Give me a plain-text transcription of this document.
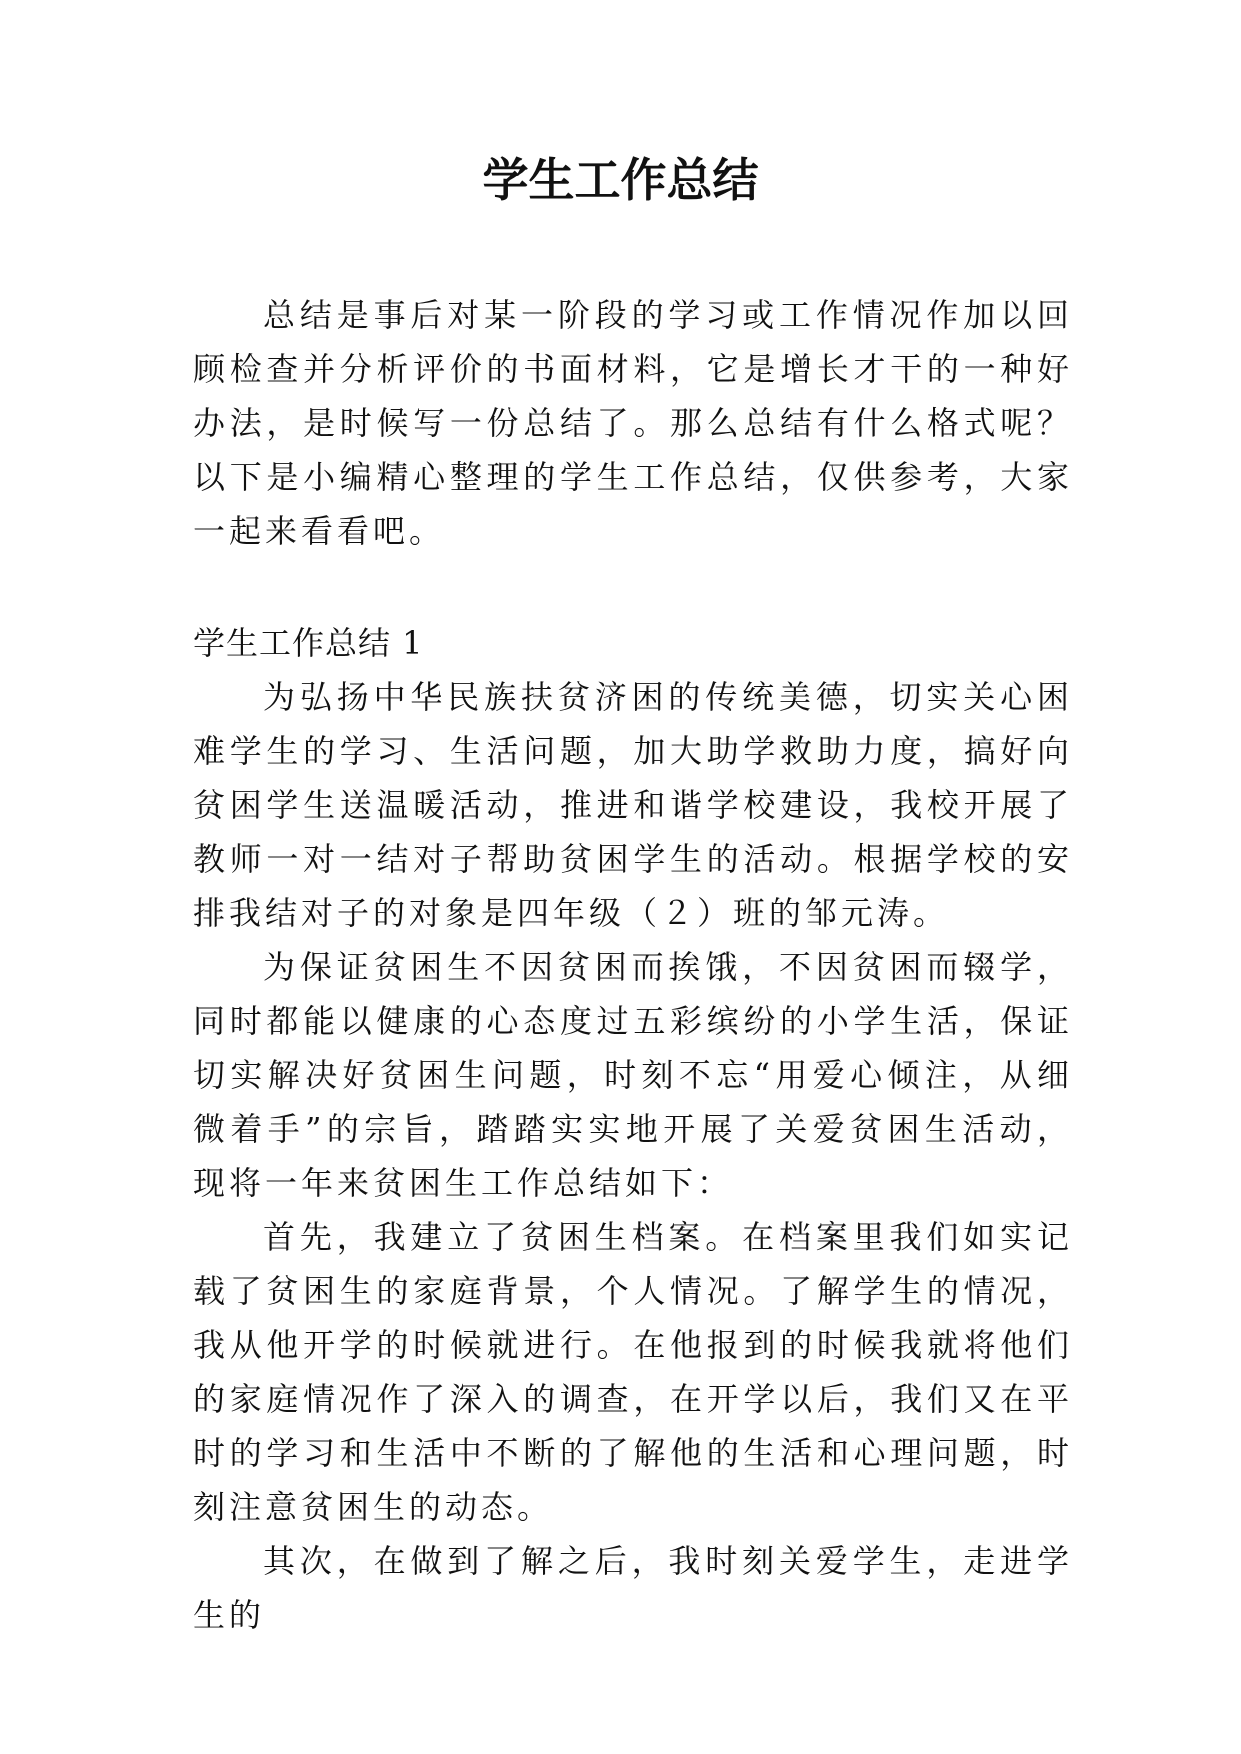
学生工作总结

总结是事后对某一阶段的学习或工作情况作加以回顾检查并分析评价的书面材料，它是增长才干的一种好办法，是时候写一份总结了。那么总结有什么格式呢？以下是小编精心整理的学生工作总结，仅供参考，大家一起来看看吧。

学生工作总结 1

为弘扬中华民族扶贫济困的传统美德，切实关心困难学生的学习、生活问题，加大助学救助力度，搞好向贫困学生送温暖活动，推进和谐学校建设，我校开展了教师一对一结对子帮助贫困学生的活动。根据学校的安排我结对子的对象是四年级（２）班的邹元涛。

为保证贫困生不因贫困而挨饿，不因贫困而辍学，同时都能以健康的心态度过五彩缤纷的小学生活，保证切实解决好贫困生问题，时刻不忘“用爱心倾注，从细微着手”的宗旨，踏踏实实地开展了关爱贫困生活动，现将一年来贫困生工作总结如下：

首先，我建立了贫困生档案。在档案里我们如实记载了贫困生的家庭背景，个人情况。了解学生的情况，我从他开学的时候就进行。在他报到的时候我就将他们的家庭情况作了深入的调查，在开学以后，我们又在平时的学习和生活中不断的了解他的生活和心理问题，时刻注意贫困生的动态。

其次，在做到了解之后，我时刻关爱学生，走进学生的
